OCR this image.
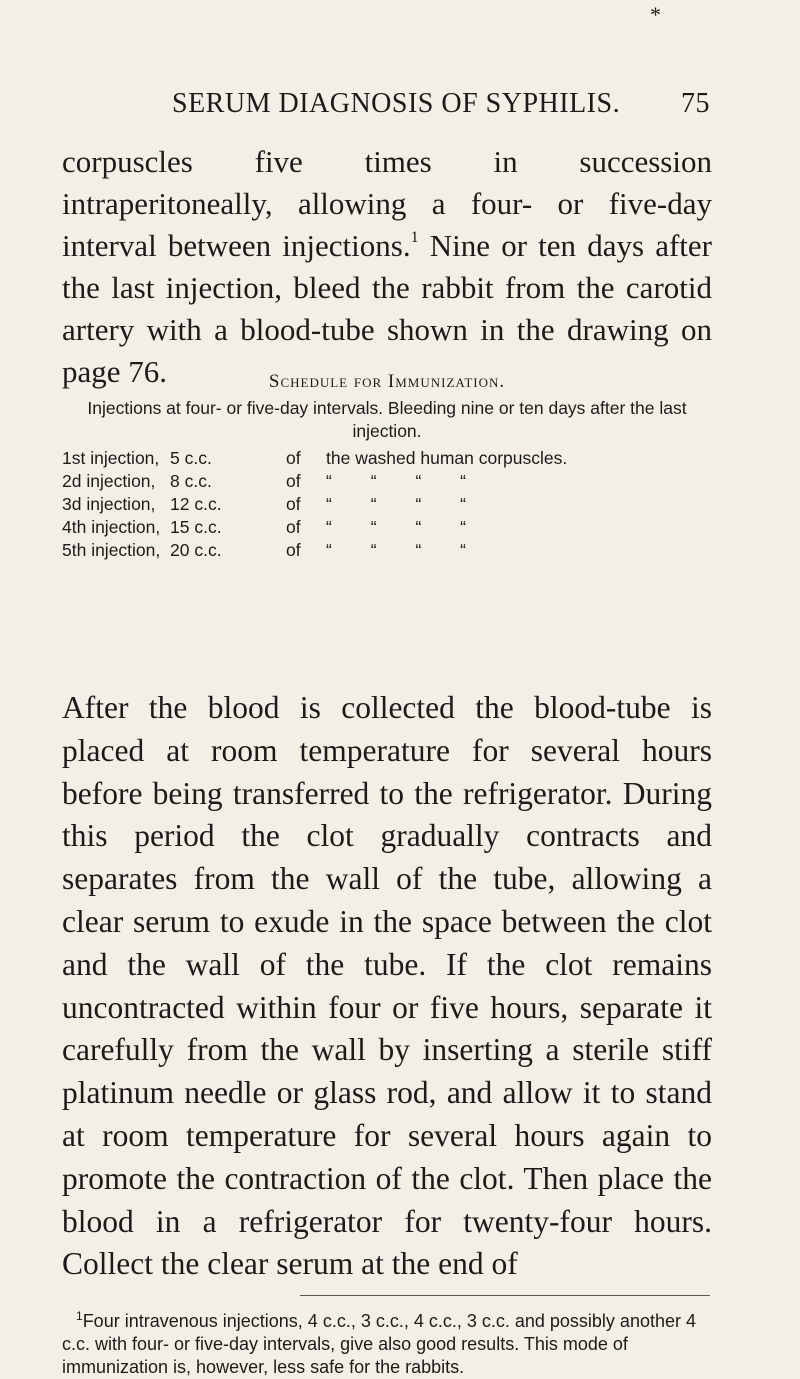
*
SERUM DIAGNOSIS OF SYPHILIS. 75

corpuscles five times in succession intraperitoneally, allowing a four- or five-day interval between injections.$^1$ Nine or ten days after the last injection, bleed the rabbit from the carotid artery with a blood-tube shown in the drawing on page 76.	Schedule for Immunization.
Injections at four- or five-day intervals. Bleeding nine or ten days after the last injection.
1st injection, 5 c.c.	of	the washed human corpuscles.
2d injection, 8 c.c.	of	“        “        “        “
3d injection, 12 c.c.	of	“        “        “        “
4th injection, 15 c.c.	of	“        “        “        “
5th injection, 20 c.c.	of	“        “        “        “

After the blood is collected the blood-tube is placed at room temperature for several hours before being transferred to the refrigerator. During this period the clot gradually contracts and separates from the wall of the tube, allowing a clear serum to exude in the space between the clot and the wall of the tube. If the clot remains uncontracted within four or five hours, separate it carefully from the wall by inserting a sterile stiff platinum needle or glass rod, and allow it to stand at room temperature for several hours again to promote the contraction of the clot. Then place the blood in a refrigerator for twenty-four hours. Collect the clear serum at the end of

$^1$Four intravenous injections, 4 c.c., 3 c.c., 4 c.c., 3 c.c. and possibly another 4 c.c. with four- or five-day intervals, give also good results. This mode of immunization is, however, less safe for the rabbits.
